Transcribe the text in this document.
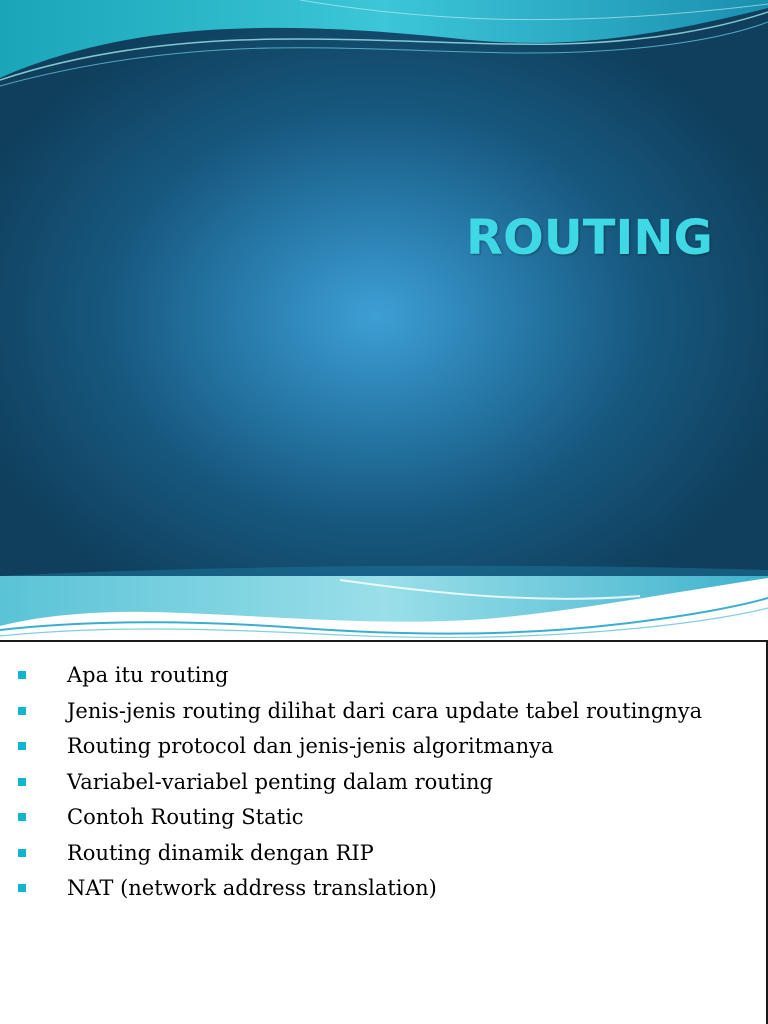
ROUTING
Apa itu routing
Jenis-jenis routing dilihat dari cara update tabel routingnya
Routing protocol dan jenis-jenis algoritmanya
Variabel-variabel penting dalam routing
Contoh Routing Static
Routing dinamik dengan RIP
NAT (network address translation)
